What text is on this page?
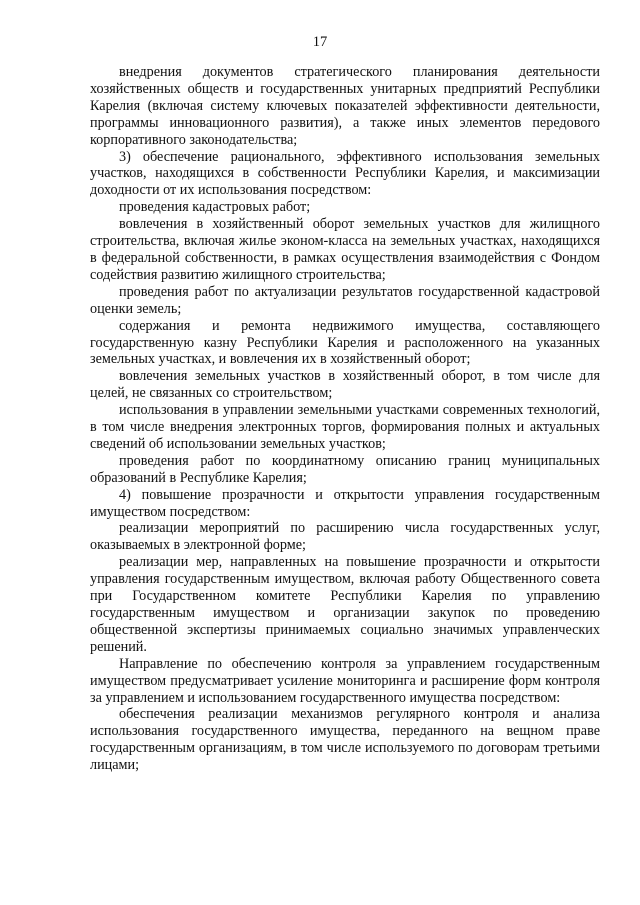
17

внедрения документов стратегического планирования деятельности хозяйственных обществ и государственных унитарных предприятий Республики Карелия (включая систему ключевых показателей эффективности деятельности, программы инновационного развития), а также иных элементов передового корпоративного законодательства;

3) обеспечение рационального, эффективного использования земельных участков, находящихся в собственности Республики Карелия, и максимизации доходности от их использования посредством:

проведения кадастровых работ;

вовлечения в хозяйственный оборот земельных участков для жилищного строительства, включая жилье эконом-класса на земельных участках, находящихся в федеральной собственности, в рамках осуществления взаимодействия с Фондом содействия развитию жилищного строительства;

проведения работ по актуализации результатов государственной кадастровой оценки земель;

содержания и ремонта недвижимого имущества, составляющего государственную казну Республики Карелия и расположенного на указанных земельных участках, и вовлечения их в хозяйственный оборот;

вовлечения земельных участков в хозяйственный оборот, в том числе для целей, не связанных со строительством;

использования в управлении земельными участками современных технологий, в том числе внедрения электронных торгов, формирования полных и актуальных сведений об использовании земельных участков;

проведения работ по координатному описанию границ муниципальных образований в Республике Карелия;

4) повышение прозрачности и открытости управления государственным имуществом посредством:

реализации мероприятий по расширению числа государственных услуг, оказываемых в электронной форме;

реализации мер, направленных на повышение прозрачности и открытости управления государственным имуществом, включая работу Общественного совета при Государственном комитете Республики Карелия по управлению государственным имуществом и организации закупок по проведению общественной экспертизы принимаемых социально значимых управленческих решений.

Направление по обеспечению контроля за управлением государственным имуществом предусматривает усиление мониторинга и расширение форм контроля за управлением и использованием государственного имущества посредством:

обеспечения реализации механизмов регулярного контроля и анализа использования государственного имущества, переданного на вещном праве государственным организациям, в том числе используемого по договорам третьими лицами;
